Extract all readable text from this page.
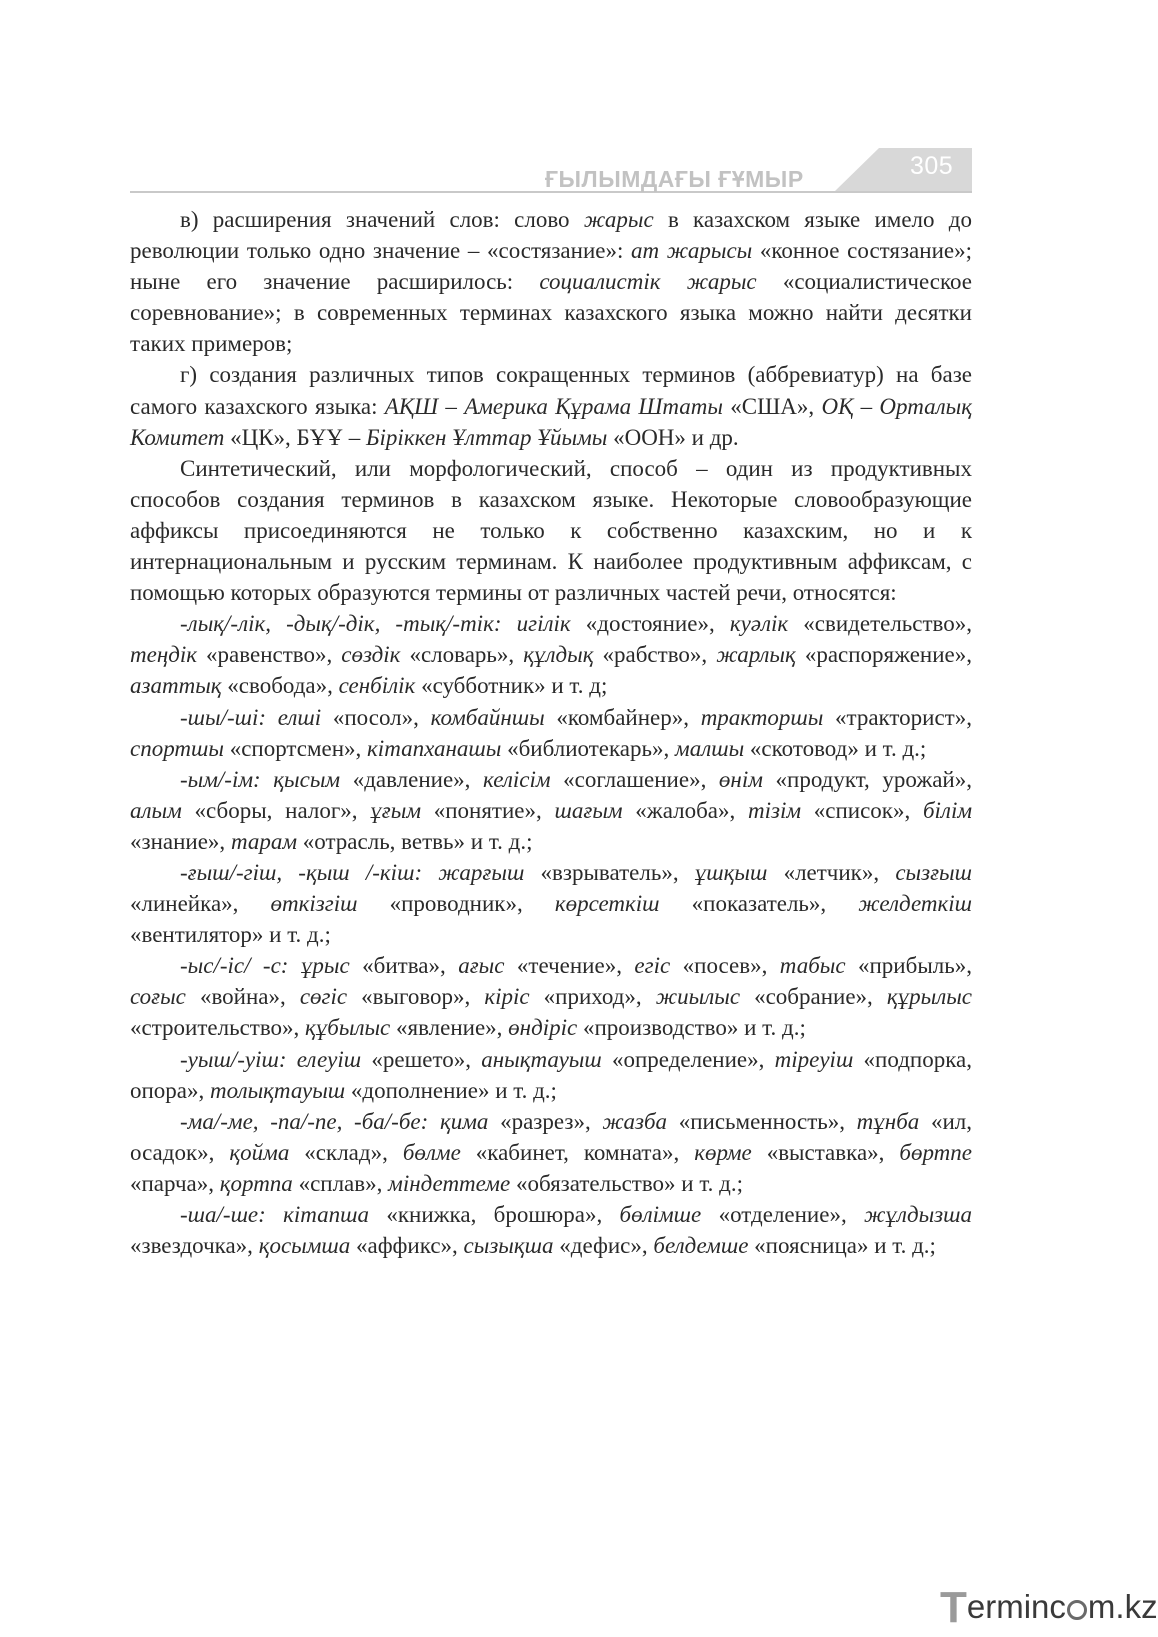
305
ҒЫЛЫМДАҒЫ ҒҰМЫР

в) расширения значений слов: слово жарыс в казахском языке имело до революции только одно значение – «состязание»: ат жарысы «конное состязание»; ныне его значение расширилось: социалистік жарыс «социалистическое соревнование»; в современных терминах казахского языка можно найти десятки таких примеров;

г) создания различных типов сокращенных терминов (аббревиатур) на базе самого казахского языка: АҚШ – Америка Құрама Штаты «США», ОҚ – Орталық Комитет «ЦК», БҰҰ – Біріккен Ұлттар Ұйымы «ООН» и др.

Синтетический, или морфологический, способ – один из продуктивных способов создания терминов в казахском языке. Некоторые словообразующие аффиксы присоединяются не только к собственно казахским, но и к интернациональным и русским терминам. К наиболее продуктивным аффиксам, с помощью которых образуются термины от различных частей речи, относятся:

-лық/-лік, -дық/-дік, -тық/-тік: игілік «достояние», куәлік «свидетельство», теңдік «равенство», сөздік «словарь», құлдық «рабство», жарлық «распоряжение», азаттық «свобода», сенбілік «субботник» и т. д;

-шы/-ші: елші «посол», комбайншы «комбайнер», трактоpшы «тракторист», спортшы «спортсмен», кітапханашы «библиотекарь», малшы «скотовод» и т. д.;

-ым/-ім: қысым «давление», келісім «соглашение», өнім «продукт, урожай», алым «сборы, налог», ұғым «понятие», шағым «жалоба», тізім «список», білім «знание», тарам «отрасль, ветвь» и т. д.;

-ғыш/-гіш, -қыш /-кіш: жарғыш «взрыватель», ұшқыш «летчик», сызғыш «линейка», өткізгіш «проводник», көрсеткіш «показатель», желдеткіш «вентилятор» и т. д.;

-ыс/-іс/ -с: ұрыс «битва», ағыс «течение», егіс «посев», табыс «прибыль», соғыс «война», сөгіс «выговор», кіріс «приход», жиылыс «собрание», құрылыс «строительство», құбылыс «явление», өндіріс «производство» и т. д.;

-уыш/-уіш: елеуіш «решето», анықтауыш «определение», тіреуіш «подпорка, опора», толықтауыш «дополнение» и т. д.;

-ма/-ме, -па/-пе, -ба/-бе: қима «разрез», жазба «письменность», тұнба «ил, осадок», қойма «склад», бөлме «кабинет, комната», көрме «выставка», бөртпе «парча», қортпа «сплав», міндеттеме «обязательство» и т. д.;

-ша/-ше: кітапша «книжка, брошюра», бөлімше «отделение», жұлдызша «звездочка», қосымша «аффикс», сызықша «дефис», белдемше «поясница» и т. д.;

Terminc m.kz
